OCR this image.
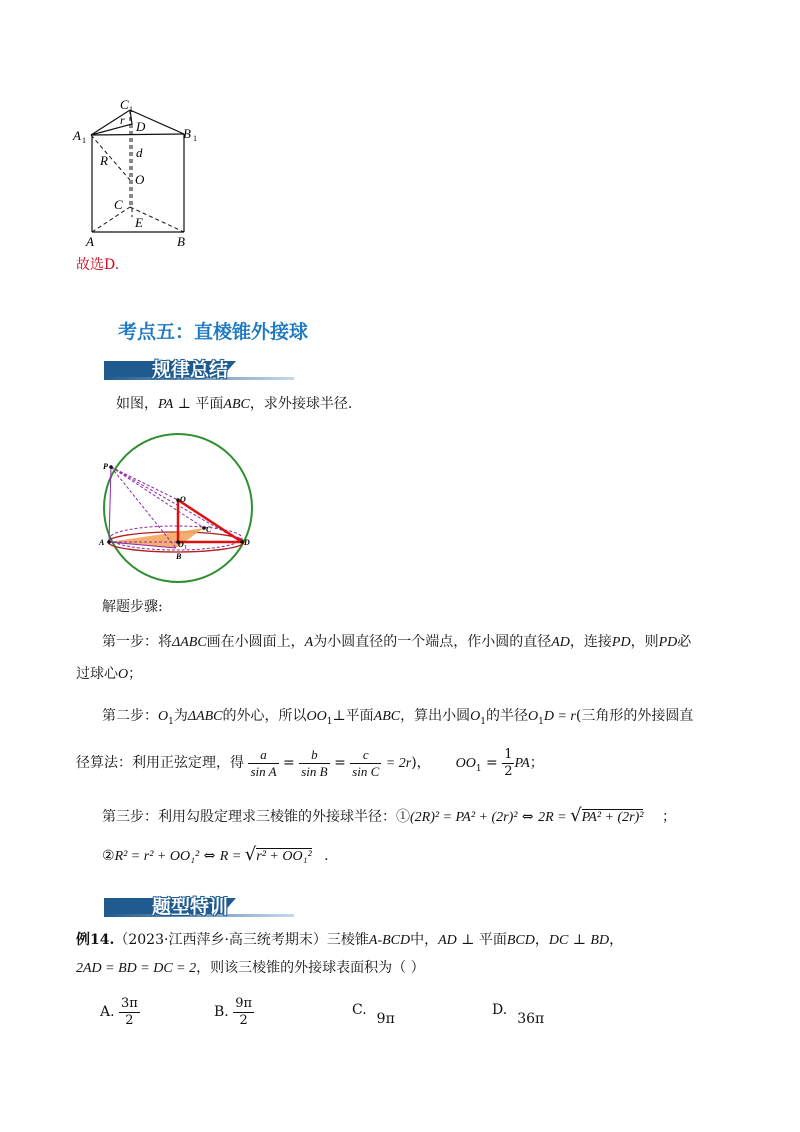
C 1
A 1	B 1
D
r
R
d
O
C
E
A	B
故选D.
考点五：直棱锥外接球
规律总结
如图，PA ⊥ 平面ABC，求外接球半径.
P
O
C
A	O 1
D
B
解题步骤:
第一步：将ΔABC画在小圆面上，A为小圆直径的一个端点，作小圆的直径AD，连接PD，则PD必
过球心O；
第二步：$O_1$为ΔABC的外心，所以$OO_1\perp$平面ABC，算出小圆$O_1$的半径$O_1D = r$(三角形的外接圆直
径算法：利用正弦定理，得 $\frac{a}{\text{sin A}} = \frac{b}{\text{sin B}} = \frac{c}{\text{sin C}} = 2r$)， $OO_1 = \frac{1}{2}$ PA；
第三步：利用勾股定理求三棱锥的外接球半径：①(2R)² = PA² + (2r)² ⇔ 2R = √PA² + (2r)² ；
②R² = r² + OO₁² ⇔ R = √r² + OO₁² .
题型特训
例14.（2023·江西萍乡·高三统考期末）三棱锥A-BCD中，AD ⊥ 平面BCD，DC ⊥ BD，
2AD = BD = DC = 2，则该三棱锥的外接球表面积为（ ）
A. $\frac{3\pi}{2}$	B. $\frac{9\pi}{2}$	C.9π
D.36π
